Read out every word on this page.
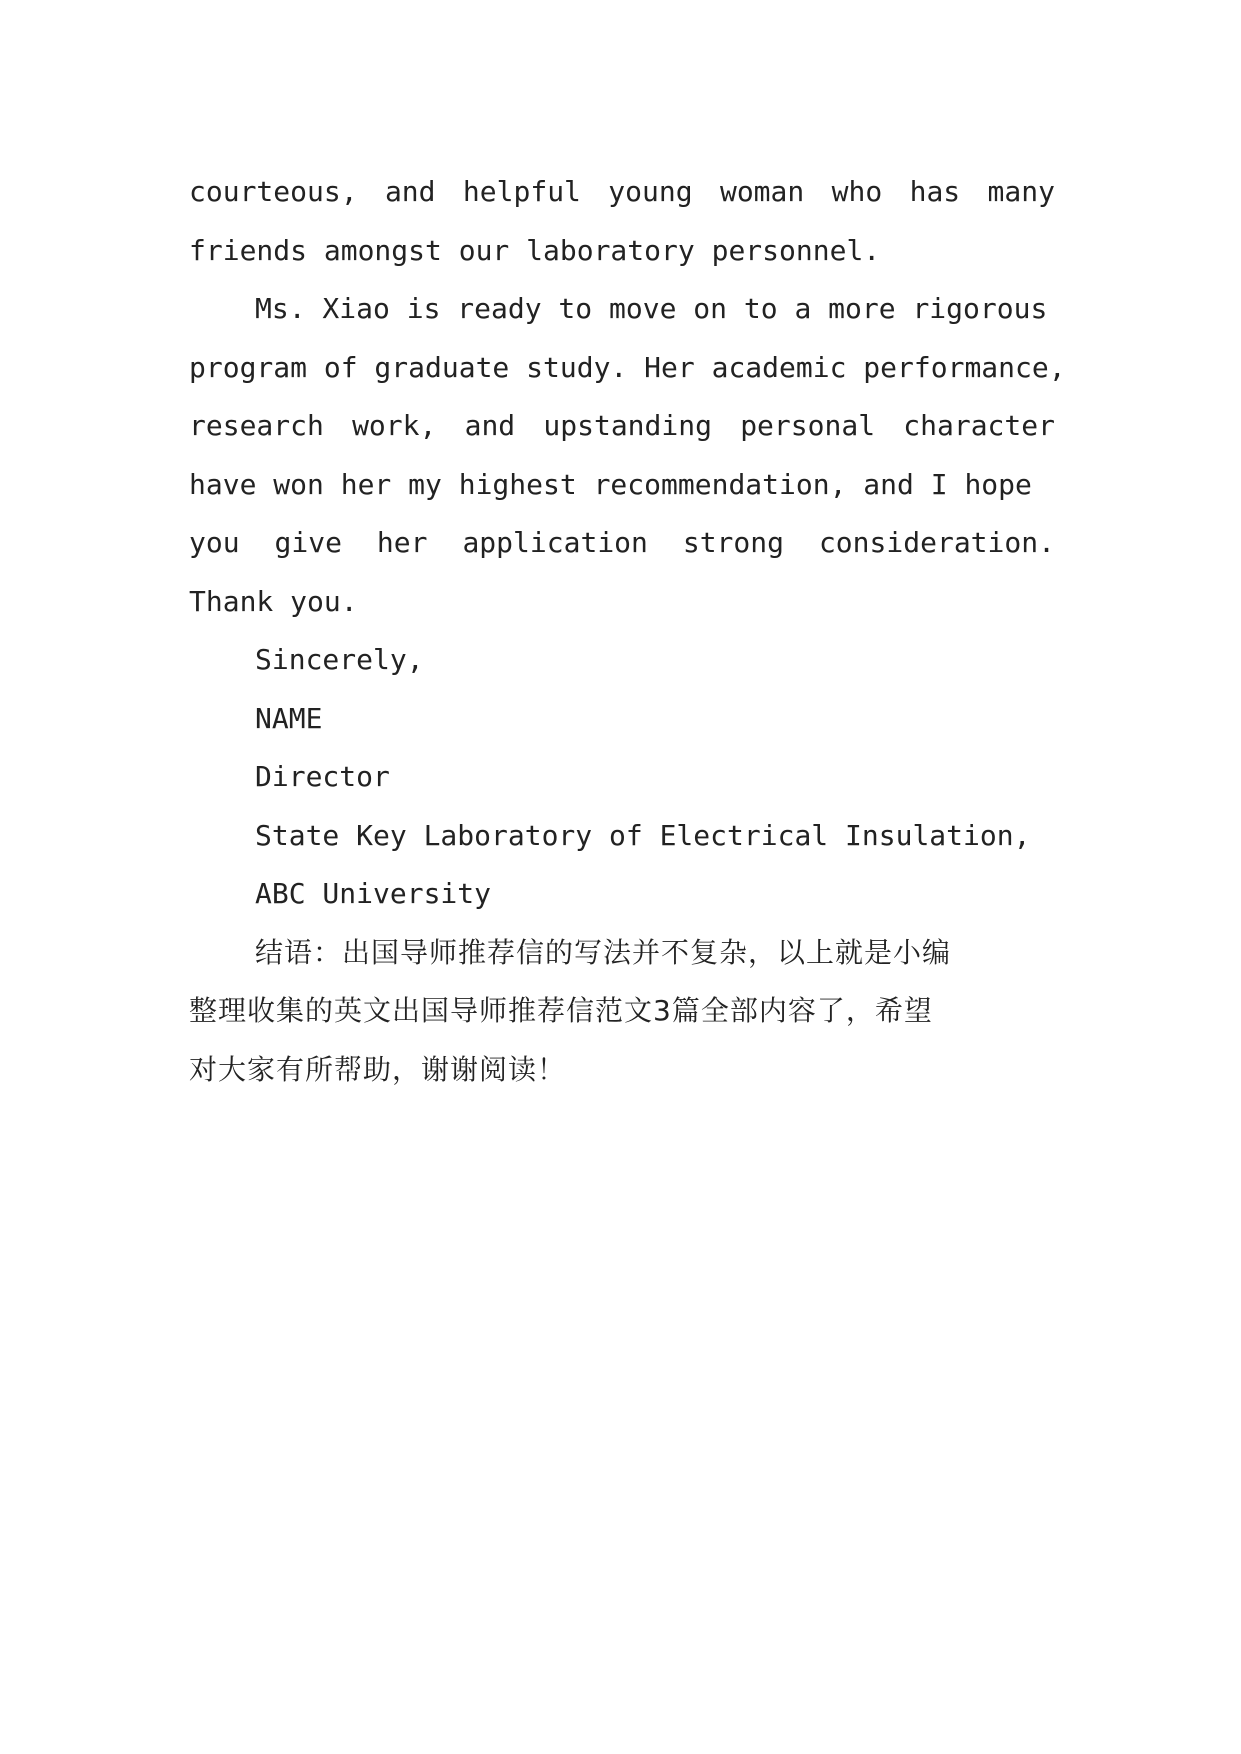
courteous, and helpful young woman who has many
friends amongst our laboratory personnel.
Ms. Xiao is ready to move on to a more rigorous
program of graduate study. Her academic performance,
research work, and upstanding personal character
have won her my highest recommendation, and I hope
you give her application strong consideration.
Thank you.
Sincerely,
NAME
Director
State Key Laboratory of Electrical Insulation,
ABC University
结语：出国导师推荐信的写法并不复杂，以上就是小编
整理收集的英文出国导师推荐信范文3篇全部内容了，希望
对大家有所帮助，谢谢阅读！
